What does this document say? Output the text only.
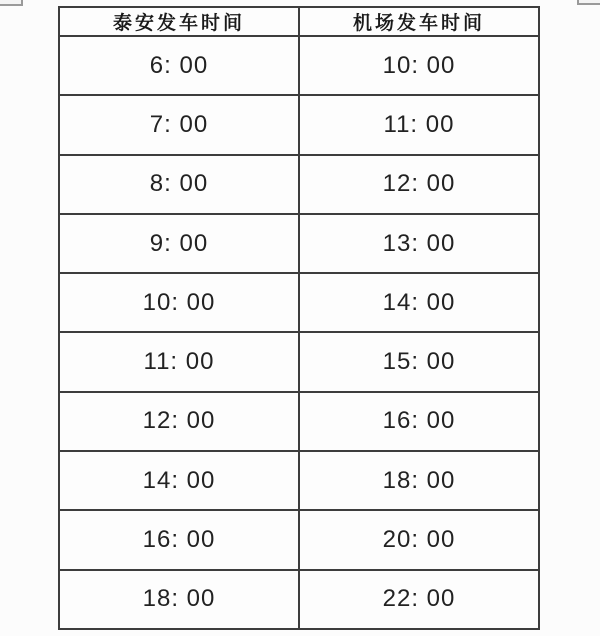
泰安发车时间	机场发车时间
6: 00	10: 00
7: 00	11: 00
8: 00	12: 00
9: 00	13: 00
10: 00	14: 00
11: 00	15: 00
12: 00	16: 00
14: 00	18: 00
16: 00	20: 00
18: 00	22: 00
